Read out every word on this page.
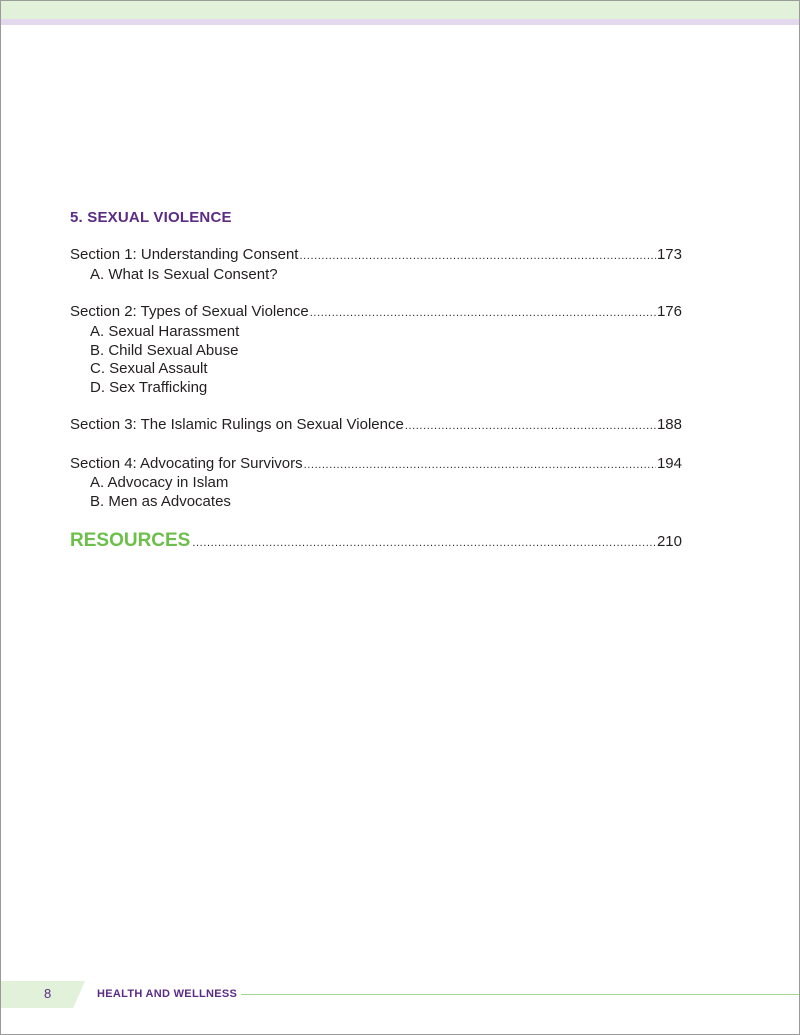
5. SEXUAL VIOLENCE
Section 1: Understanding Consent .....	173
A. What Is Sexual Consent?
Section 2: Types of Sexual Violence .....	176
A. Sexual Harassment
B. Child Sexual Abuse
C. Sexual Assault
D. Sex Trafficking
Section 3: The Islamic Rulings on Sexual Violence .....	188
Section 4: Advocating for Survivors .....	194
A. Advocacy in Islam
B. Men as Advocates
RESOURCES .....	210
8	HEALTH AND WELLNESS
